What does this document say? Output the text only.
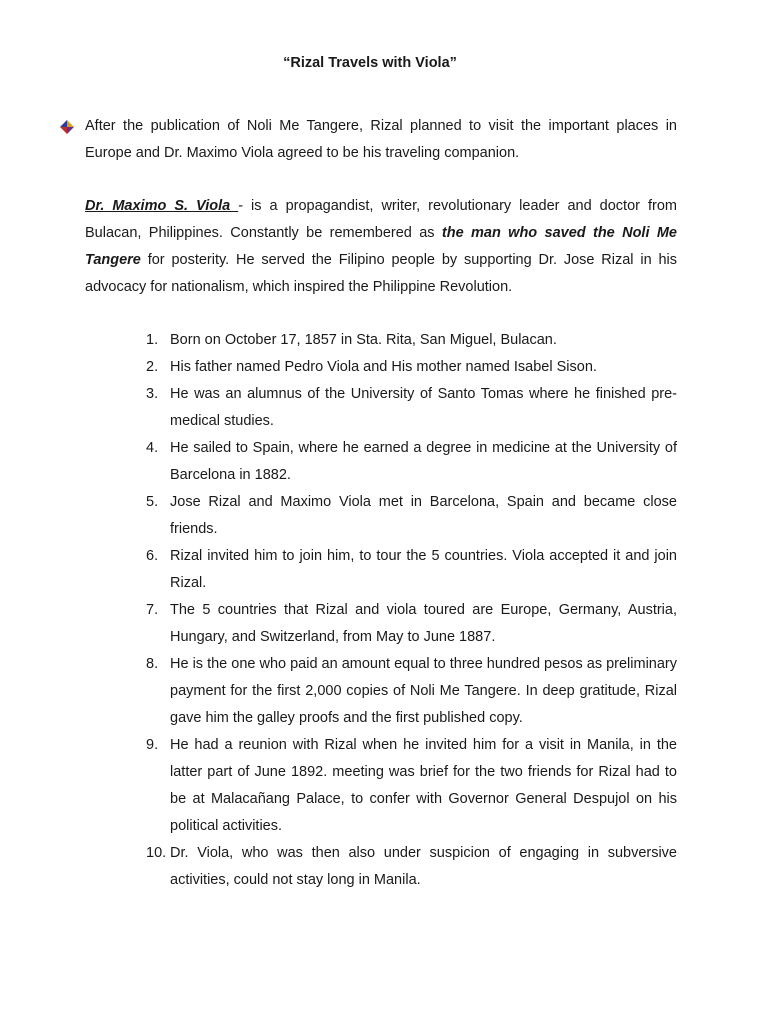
“Rizal Travels with Viola”
After the publication of Noli Me Tangere, Rizal planned to visit the important places in Europe and Dr. Maximo Viola agreed to be his traveling companion.
Dr. Maximo S. Viola - is a propagandist, writer, revolutionary leader and doctor from Bulacan, Philippines. Constantly be remembered as the man who saved the Noli Me Tangere for posterity. He served the Filipino people by supporting Dr. Jose Rizal in his advocacy for nationalism, which inspired the Philippine Revolution.
1. Born on October 17, 1857 in Sta. Rita, San Miguel, Bulacan.
2. His father named Pedro Viola and His mother named Isabel Sison.
3. He was an alumnus of the University of Santo Tomas where he finished pre-medical studies.
4. He sailed to Spain, where he earned a degree in medicine at the University of Barcelona in 1882.
5. Jose Rizal and Maximo Viola met in Barcelona, Spain and became close friends.
6. Rizal invited him to join him, to tour the 5 countries. Viola accepted it and join Rizal.
7. The 5 countries that Rizal and viola toured are Europe, Germany, Austria, Hungary, and Switzerland, from May to June 1887.
8. He is the one who paid an amount equal to three hundred pesos as preliminary payment for the first 2,000 copies of Noli Me Tangere. In deep gratitude, Rizal gave him the galley proofs and the first published copy.
9. He had a reunion with Rizal when he invited him for a visit in Manila, in the latter part of June 1892. meeting was brief for the two friends for Rizal had to be at Malacañang Palace, to confer with Governor General Despujol on his political activities.
10. Dr. Viola, who was then also under suspicion of engaging in subversive activities, could not stay long in Manila.
